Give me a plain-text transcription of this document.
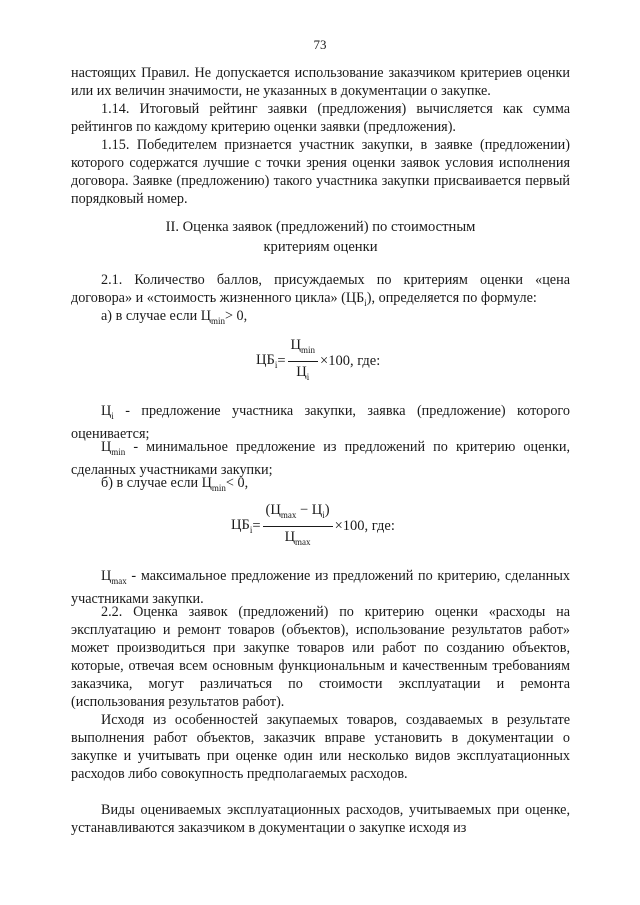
73

настоящих Правил. Не допускается использование заказчиком критериев оценки или их величин значимости, не указанных в документации о закупке.

1.14. Итоговый рейтинг заявки (предложения) вычисляется как сумма рейтингов по каждому критерию оценки заявки (предложения).

1.15. Победителем признается участник закупки, в заявке (предложении) которого содержатся лучшие с точки зрения оценки заявок условия исполнения договора. Заявке (предложению) такого участника закупки присваивается первый порядковый номер.

II. Оценка заявок (предложений) по стоимостным
критериям оценки

2.1. Количество баллов, присуждаемых по критериям оценки «цена договора» и «стоимость жизненного цикла» $(ЦБ_i)$, определяется по формуле:

а) в случае если $Ц_{min}> 0$,

$ЦБ_i = \frac{Ц_{min}}{Ц_i} \times 100$ , где:

$Ц_i$ - предложение участника закупки, заявка (предложение) которого оценивается;

$Ц_{min}$ - минимальное предложение из предложений по критерию оценки, сделанных участниками закупки;

б) в случае если $Ц_{min}< 0$,

$ЦБ_i = \frac{(Ц_{max} - Ц_i)}{Ц_{max}} \times 100$ , где:

$Ц_{max}$ - максимальное предложение из предложений по критерию, сделанных участниками закупки.

2.2. Оценка заявок (предложений) по критерию оценки «расходы на эксплуатацию и ремонт товаров (объектов), использование результатов работ» может производиться при закупке товаров или работ по созданию объектов, которые, отвечая всем основным функциональным и качественным требованиям заказчика, могут различаться по стоимости эксплуатации и ремонта (использования результатов работ).

Исходя из особенностей закупаемых товаров, создаваемых в результате выполнения работ объектов, заказчик вправе установить в документации о закупке и учитывать при оценке один или несколько видов эксплуатационных расходов либо совокупность предполагаемых расходов.

Виды оцениваемых эксплуатационных расходов, учитываемых при оценке, устанавливаются заказчиком в документации о закупке исходя из
